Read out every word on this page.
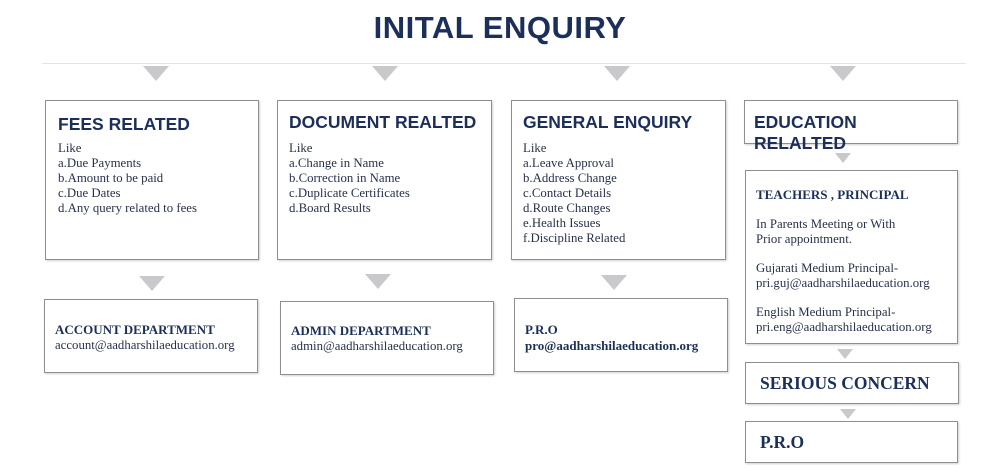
INITAL ENQUIRY
FEES RELATED
Like
a.Due Payments
b.Amount to be paid
c.Due Dates
d.Any query related to fees
ACCOUNT DEPARTMENT
account@aadharshilaeducation.org
DOCUMENT REALTED
Like
a.Change in Name
b.Correction in Name
c.Duplicate Certificates
d.Board Results
ADMIN DEPARTMENT
admin@aadharshilaeducation.org
GENERAL ENQUIRY
Like
a.Leave Approval
b.Address Change
c.Contact Details
d.Route Changes
e.Health Issues
f.Discipline Related
P.R.O
pro@aadharshilaeducation.org
EDUCATION RELALTED
TEACHERS , PRINCIPAL
In Parents Meeting or With
Prior appointment.
Gujarati Medium Principal-
pri.guj@aadharshilaeducation.org
English Medium Principal-
pri.eng@aadharshilaeducation.org
SERIOUS CONCERN
P.R.O
